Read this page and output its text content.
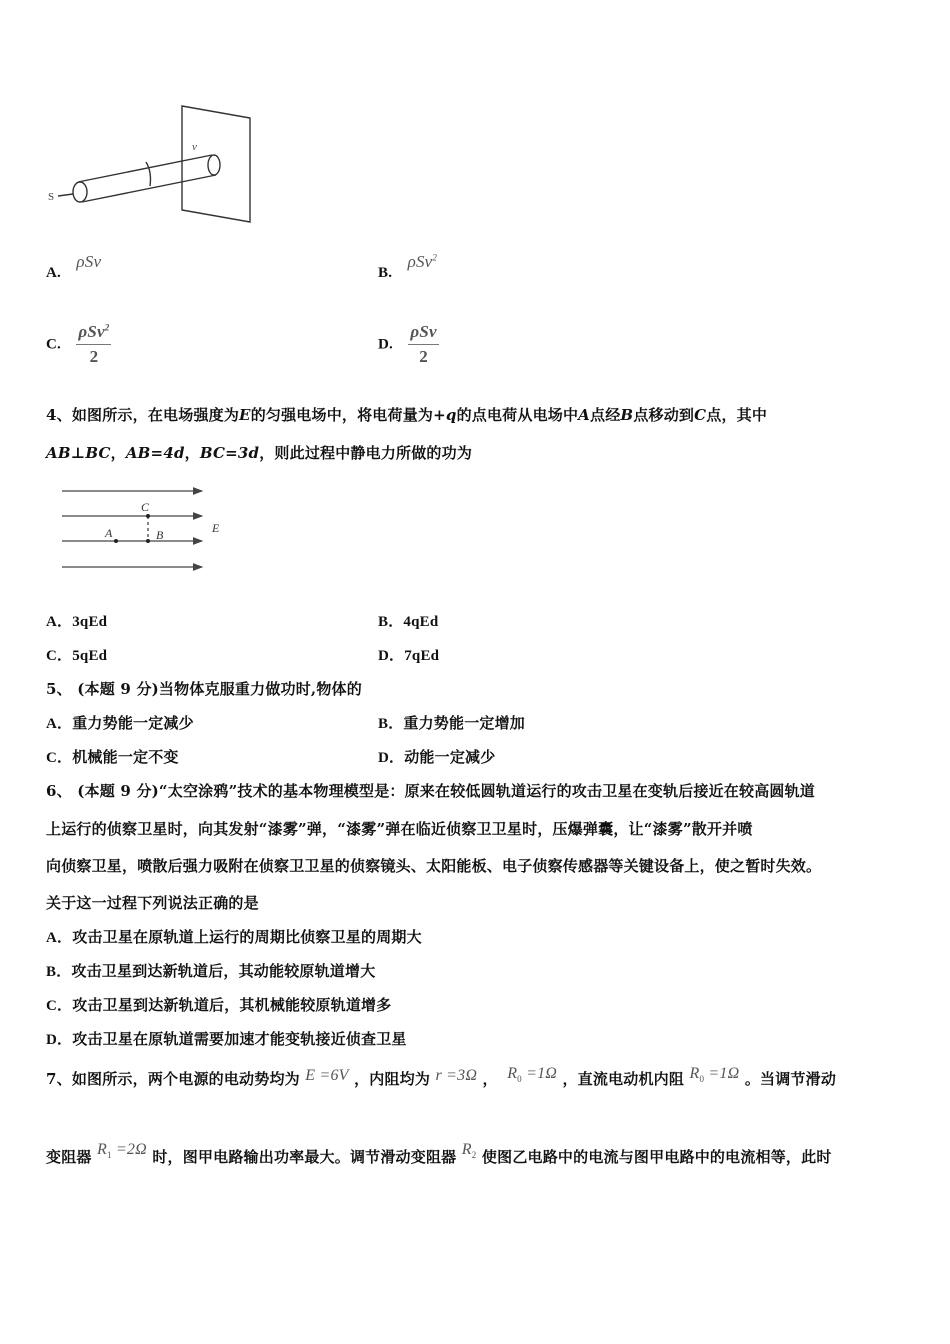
S
v
A. ρSv
B. ρSv$^2$
C. $\frac{\rho Sv^2}{2}$	D. $\frac{\text{ρSv}}{2}$
4、如图所示，在电场强度为E的匀强电场中，将电荷量为+q的点电荷从电场中A点经B点移动到C点，其中
AB⊥BC，AB=4d，BC=3d，则此过程中静电力所做的功为
C
A	B	E
A．3qEd	B．4qEd
C．5qEd	D．7qEd
5、 (本题 9 分)当物体克服重力做功时,物体的
A．重力势能一定减少	B．重力势能一定增加
C．机械能一定不变	D．动能一定减少
6、 (本题 9 分)“太空涂鸦”技术的基本物理模型是：原来在较低圆轨道运行的攻击卫星在变轨后接近在较高圆轨道
上运行的侦察卫星时，向其发射“漆雾”弹，“漆雾”弹在临近侦察卫卫星时，压爆弹囊，让“漆雾”散开并喷
向侦察卫星，喷散后强力吸附在侦察卫卫星的侦察镜头、太阳能板、电子侦察传感器等关键设备上，使之暂时失效。
关于这一过程下列说法正确的是
A．攻击卫星在原轨道上运行的周期比侦察卫星的周期大
B．攻击卫星到达新轨道后，其动能较原轨道增大
C．攻击卫星到达新轨道后，其机械能较原轨道增多
D．攻击卫星在原轨道需要加速才能变轨接近侦查卫星
7、如图所示，两个电源的电动势均为 E =6V ，内阻均为 r =3Ω ， $R_0 =1\Omega$ ，直流电动机内阻 $R_0 =1\Omega$ 。当调节滑动
变阻器 $R_1 =2\Omega$ 时，图甲电路输出功率最大。调节滑动变阻器 $R_2$ 使图乙电路中的电流与图甲电路中的电流相等，此时
